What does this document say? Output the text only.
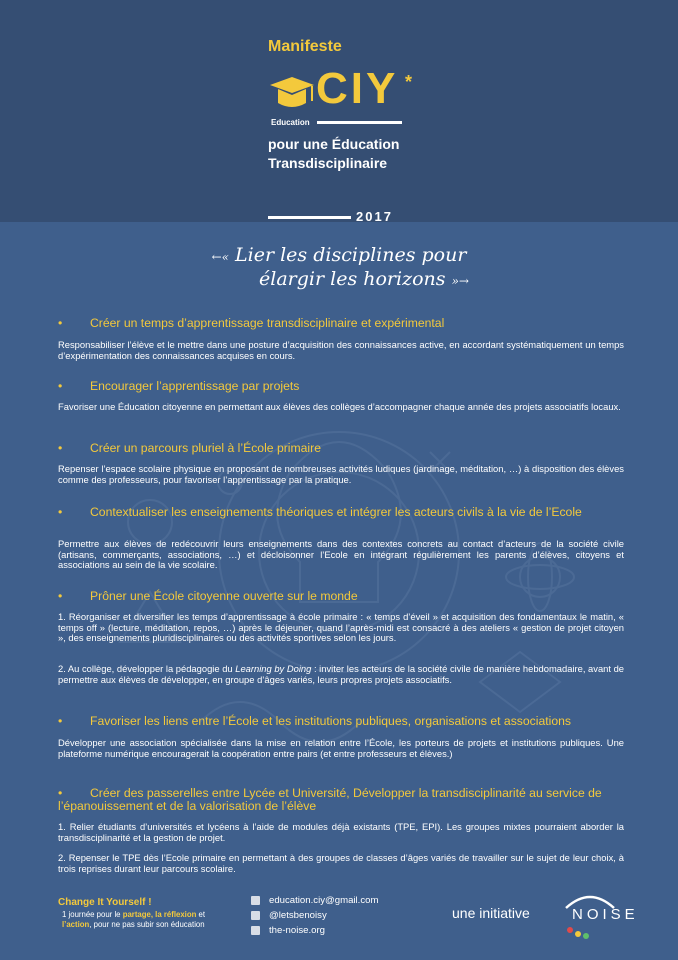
Manifeste
CIY *
Education
pour une Éducation
Transdisciplinaire
2017
←« Lier les disciplines pour
élargir les horizons »→
• Créer un temps d’apprentissage transdisciplinaire et expérimental
Responsabiliser l’élève et le mettre dans une posture d’acquisition des connaissances active, en accordant systématiquement un temps d’expérimentation des connaissances acquises en cours.
• Encourager l’apprentissage par projets
Favoriser une Éducation citoyenne en permettant aux élèves des collèges d’accompagner chaque année des projets associatifs locaux.
• Créer un parcours pluriel à l’École primaire
Repenser l’espace scolaire physique en proposant de nombreuses activités ludiques (jardinage, méditation, …) à disposition des élèves comme des professeurs, pour favoriser l’apprentissage par la pratique.
• Contextualiser les enseignements théoriques et intégrer les acteurs civils à la vie de l’Ecole
Permettre aux élèves de redécouvrir leurs enseignements dans des contextes concrets au contact d’acteurs de la société civile (artisans, commerçants, associations, …) et décloisonner l’Ecole en intégrant régulièrement les parents d’élèves, citoyens et associations au sein de la vie scolaire.
• Prôner une École citoyenne ouverte sur le monde
1. Réorganiser et diversifier les temps d’apprentissage à école primaire : « temps d’éveil » et acquisition des fondamentaux le matin, « temps off » (lecture, méditation, repos, …) après le déjeuner, quand l’après-midi est consacré à des ateliers « gestion de projet citoyen », des enseignements pluridisciplinaires ou des activités sportives selon les jours.
2. Au collège, développer la pédagogie du Learning by Doing : inviter les acteurs de la société civile de manière hebdomadaire, avant de permettre aux élèves de développer, en groupe d’âges variés, leurs propres projets associatifs.
• Favoriser les liens entre l’École et les institutions publiques, organisations et associations
Développer une association spécialisée dans la mise en relation entre l’École, les porteurs de projets et institutions publiques. Une plateforme numérique encouragerait la coopération entre pairs (et entre professeurs et élèves.)
• Créer des passerelles entre Lycée et Université, Développer la transdisciplinarité au service de l’épanouissement et de la valorisation de l’élève
1. Relier étudiants d’universités et lycéens à l’aide de modules déjà existants (TPE, EPI). Les groupes mixtes pourraient aborder la transdisciplinarité et la gestion de projet.
2. Repenser le TPE dès l’Ecole primaire en permettant à des groupes de classes d’âges variés de travailler sur le sujet de leur choix, à trois reprises durant leur parcours scolaire.
Change It Yourself !
1 journée pour le partage, la réflexion et l’action, pour ne pas subir son éducation
education.ciy@gmail.com
@letsbenoisy
the-noise.org
une initiative	NOISE
